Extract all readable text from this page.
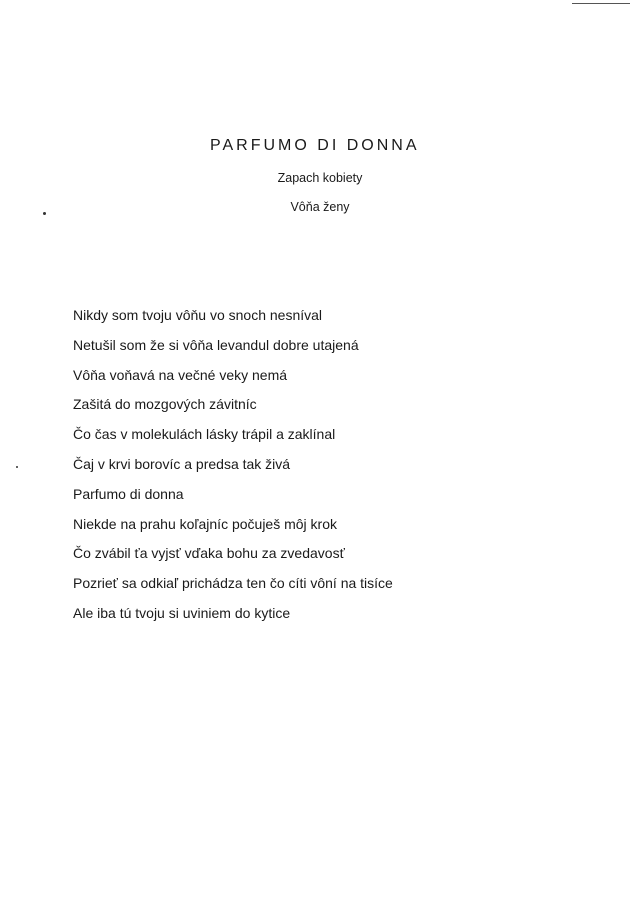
PARFUMO DI DONNA
Zapach kobiety
Vôňa ženy
Nikdy som tvoju vôňu vo snoch nesníval
Netušil som že si vôňa levandul dobre utajená
Vôňa voňavá na večné veky nemá
Zašitá do mozgových závitníc
Čo čas v molekulách lásky trápil a zaklínal
Čaj v krvi borovíc a predsa tak živá
Parfumo di donna
Niekde na prahu koľajníc počuješ môj krok
Čo zvábil ťa vyjsť vďaka bohu za zvedavosť
Pozrieť sa odkiaľ prichádza ten čo cíti vôní na tisíce
Ale iba tú tvoju si uviniem do kytice
